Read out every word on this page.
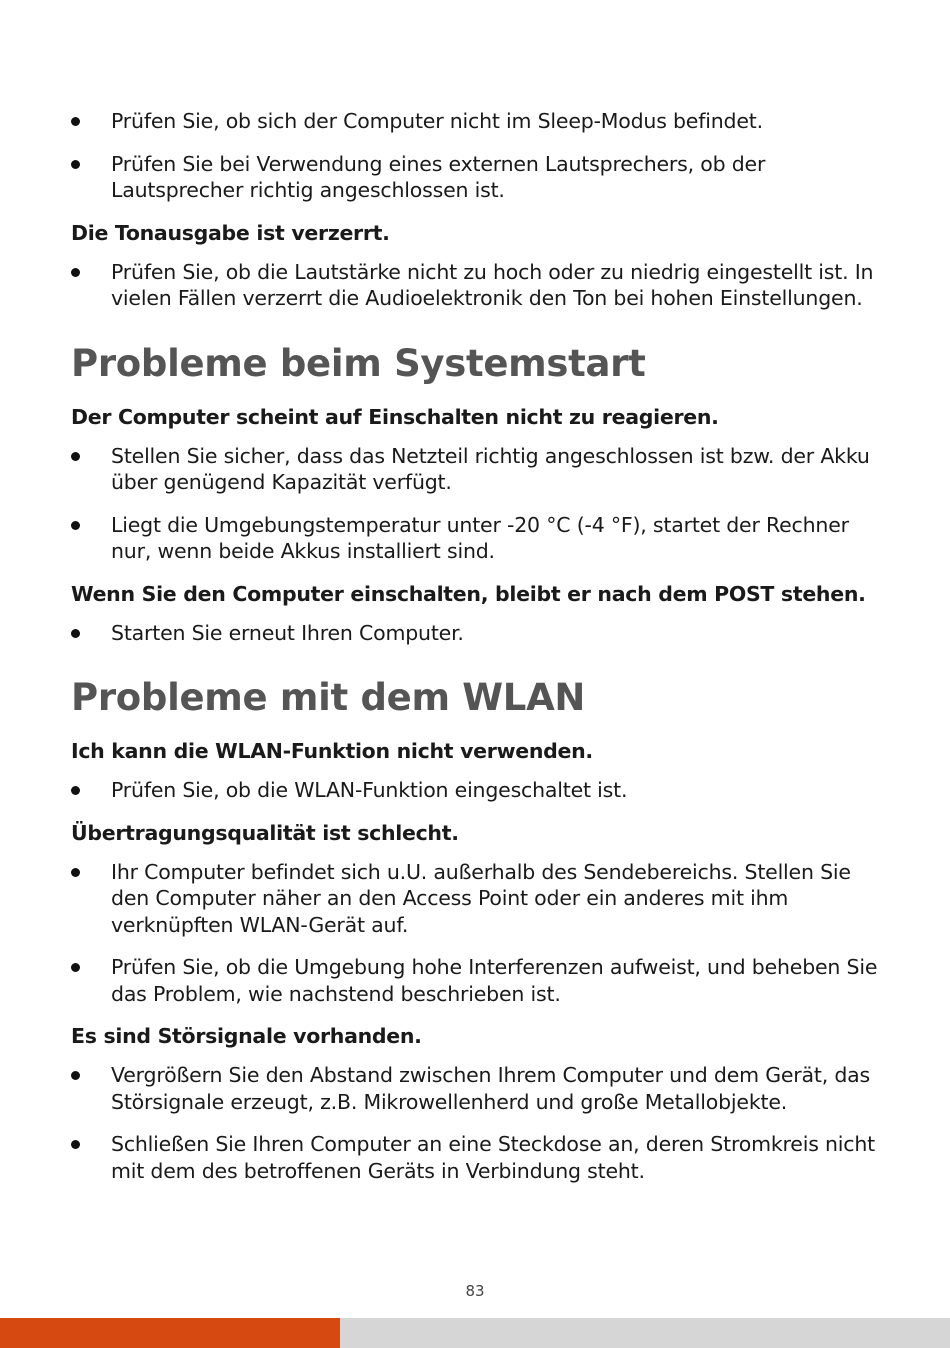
Prüfen Sie, ob sich der Computer nicht im Sleep-Modus befindet.
Prüfen Sie bei Verwendung eines externen Lautsprechers, ob der Lautsprecher richtig angeschlossen ist.
Die Tonausgabe ist verzerrt.
Prüfen Sie, ob die Lautstärke nicht zu hoch oder zu niedrig eingestellt ist. In vielen Fällen verzerrt die Audioelektronik den Ton bei hohen Einstellungen.
Probleme beim Systemstart
Der Computer scheint auf Einschalten nicht zu reagieren.
Stellen Sie sicher, dass das Netzteil richtig angeschlossen ist bzw. der Akku über genügend Kapazität verfügt.
Liegt die Umgebungstemperatur unter -20 °C (-4 °F), startet der Rechner nur, wenn beide Akkus installiert sind.
Wenn Sie den Computer einschalten, bleibt er nach dem POST stehen.
Starten Sie erneut Ihren Computer.
Probleme mit dem WLAN
Ich kann die WLAN-Funktion nicht verwenden.
Prüfen Sie, ob die WLAN-Funktion eingeschaltet ist.
Übertragungsqualität ist schlecht.
Ihr Computer befindet sich u.U. außerhalb des Sendebereichs. Stellen Sie den Computer näher an den Access Point oder ein anderes mit ihm verknüpften WLAN-Gerät auf.
Prüfen Sie, ob die Umgebung hohe Interferenzen aufweist, und beheben Sie das Problem, wie nachstend beschrieben ist.
Es sind Störsignale vorhanden.
Vergrößern Sie den Abstand zwischen Ihrem Computer und dem Gerät, das Störsignale erzeugt, z.B. Mikrowellenherd und große Metallobjekte.
Schließen Sie Ihren Computer an eine Steckdose an, deren Stromkreis nicht mit dem des betroffenen Geräts in Verbindung steht.
83
